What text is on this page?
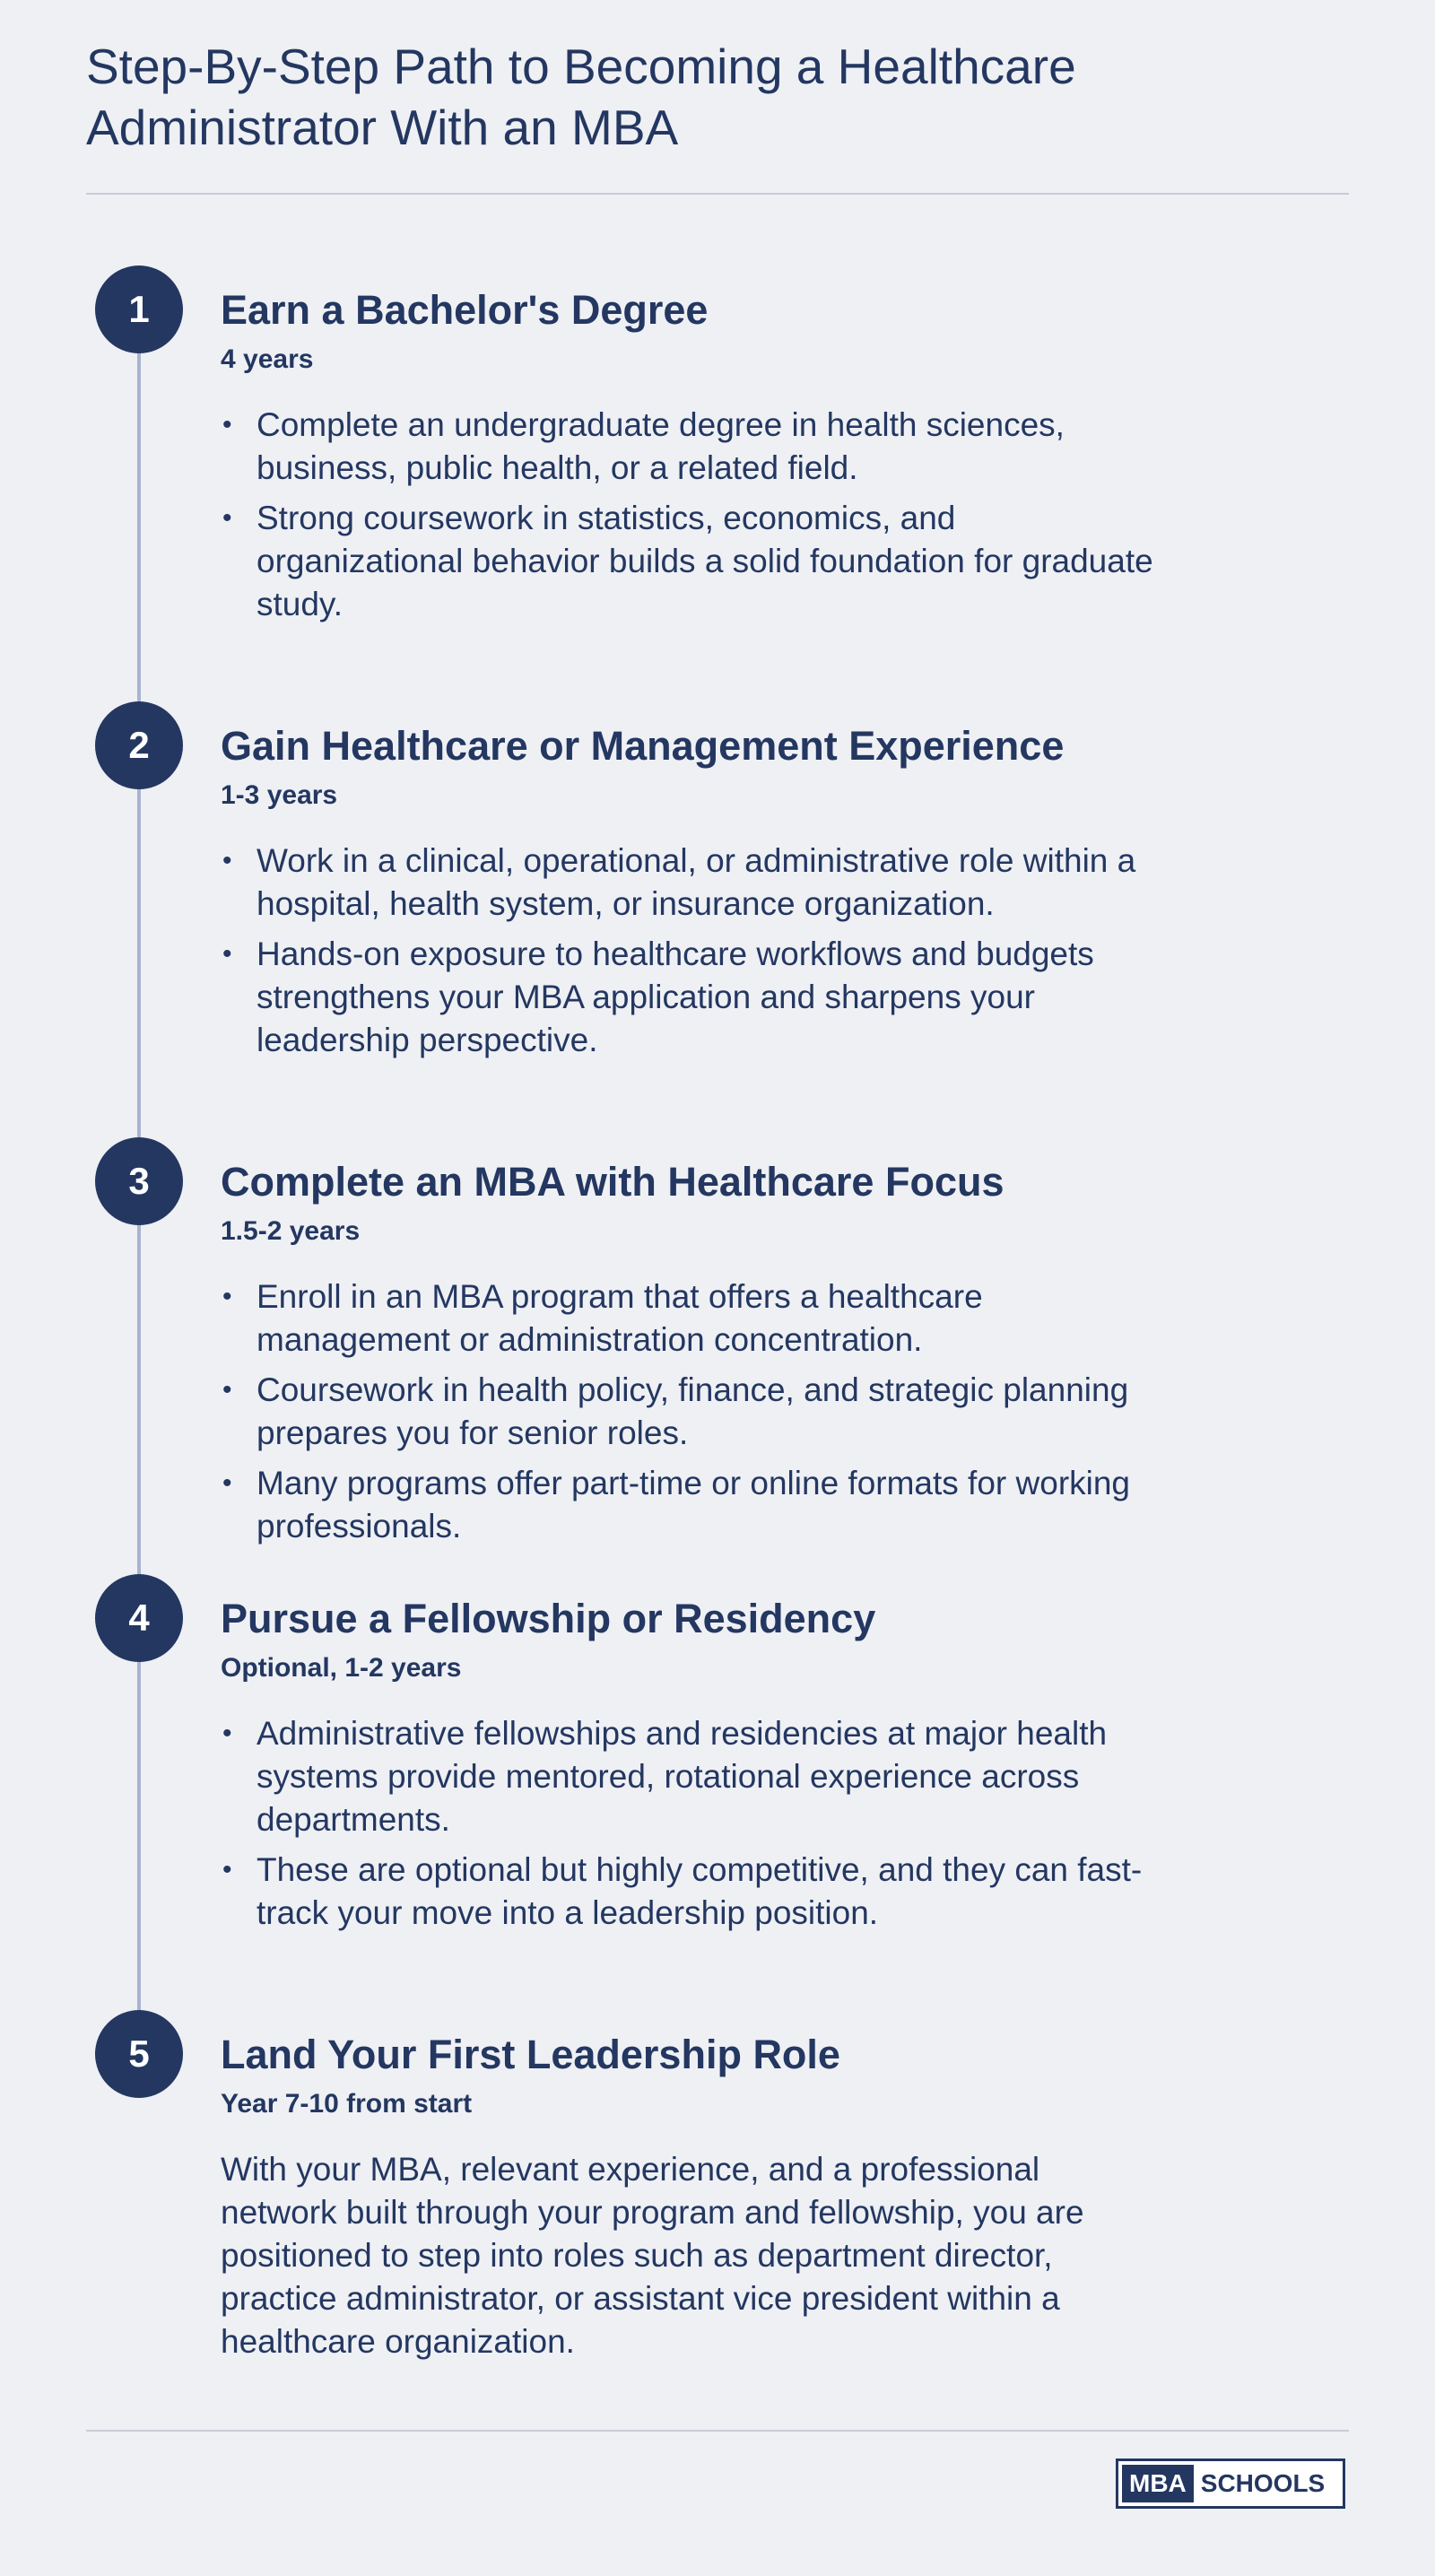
Step-By-Step Path to Becoming a Healthcare
Administrator With an MBA
1	Earn a Bachelor's Degree
4 years
• Complete an undergraduate degree in health sciences, business, public health, or a related field.
• Strong coursework in statistics, economics, and organizational behavior builds a solid foundation for graduate study.
2	Gain Healthcare or Management Experience
1-3 years
• Work in a clinical, operational, or administrative role within a hospital, health system, or insurance organization.
• Hands-on exposure to healthcare workflows and budgets strengthens your MBA application and sharpens your leadership perspective.
3	Complete an MBA with Healthcare Focus
1.5-2 years
• Enroll in an MBA program that offers a healthcare management or administration concentration.
• Coursework in health policy, finance, and strategic planning prepares you for senior roles.
• Many programs offer part-time or online formats for working professionals.
4	Pursue a Fellowship or Residency
Optional, 1-2 years
• Administrative fellowships and residencies at major health systems provide mentored, rotational experience across departments.
• These are optional but highly competitive, and they can fast-track your move into a leadership position.
5	Land Your First Leadership Role
Year 7-10 from start

With your MBA, relevant experience, and a professional network built through your program and fellowship, you are positioned to step into roles such as department director, practice administrator, or assistant vice president within a healthcare organization.

MBA SCHOOLS
